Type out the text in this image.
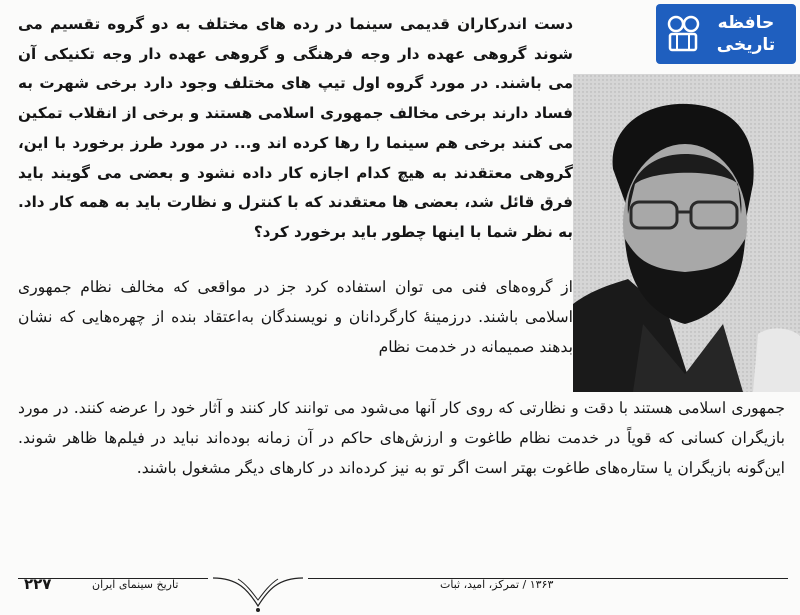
دست اندرکاران قدیمی سینما در رده های مختلف به دو گروه تقسیم می شوند گروهی عهده دار وجه فرهنگی و گروهی عهده دار وجه تکنیکی آن می باشند. در مورد گروه اول تیپ های مختلف وجود دارد برخی شهرت به فساد دارند برخی مخالف جمهوری اسلامی هستند و برخی از انقلاب تمکین می کنند برخی هم سینما را رها کرده اند و... در مورد طرز برخورد با این، گروهی معتقدند به هیچ کدام اجازه کار داده نشود و بعضی می گویند باید فرق قائل شد، بعضی ها معتقدند که با کنترل و نظارت باید به همه کار داد. به نظر شما با اینها چطور باید برخورد کرد؟

از گروه‌های فنی می توان استفاده کرد جز در مواقعی که مخالف نظام جمهوری اسلامی باشند. درزمینهٔ کارگردانان و نویسندگان به‌اعتقاد بنده از چهره‌هایی که نشان بدهند صمیمانه در خدمت نظام

جمهوری اسلامی هستند با دقت و نظارتی که روی کار آنها می‌شود می توانند کار کنند و آثار خود را عرضه کنند. در مورد بازیگران کسانی که قویاً در خدمت نظام طاغوت و ارزش‌های حاکم در آن زمانه بوده‌اند نباید در فیلم‌ها ظاهر شوند. این‌گونه بازیگران یا ستاره‌های طاغوت بهتر است اگر تو به نیز کرده‌اند در کارهای دیگر مشغول باشند.

حافظه
تاریخی
۲۲۷	تاریخ سینمای ایران	۱۳۶۳ / تمرکز، امید، ثبات
